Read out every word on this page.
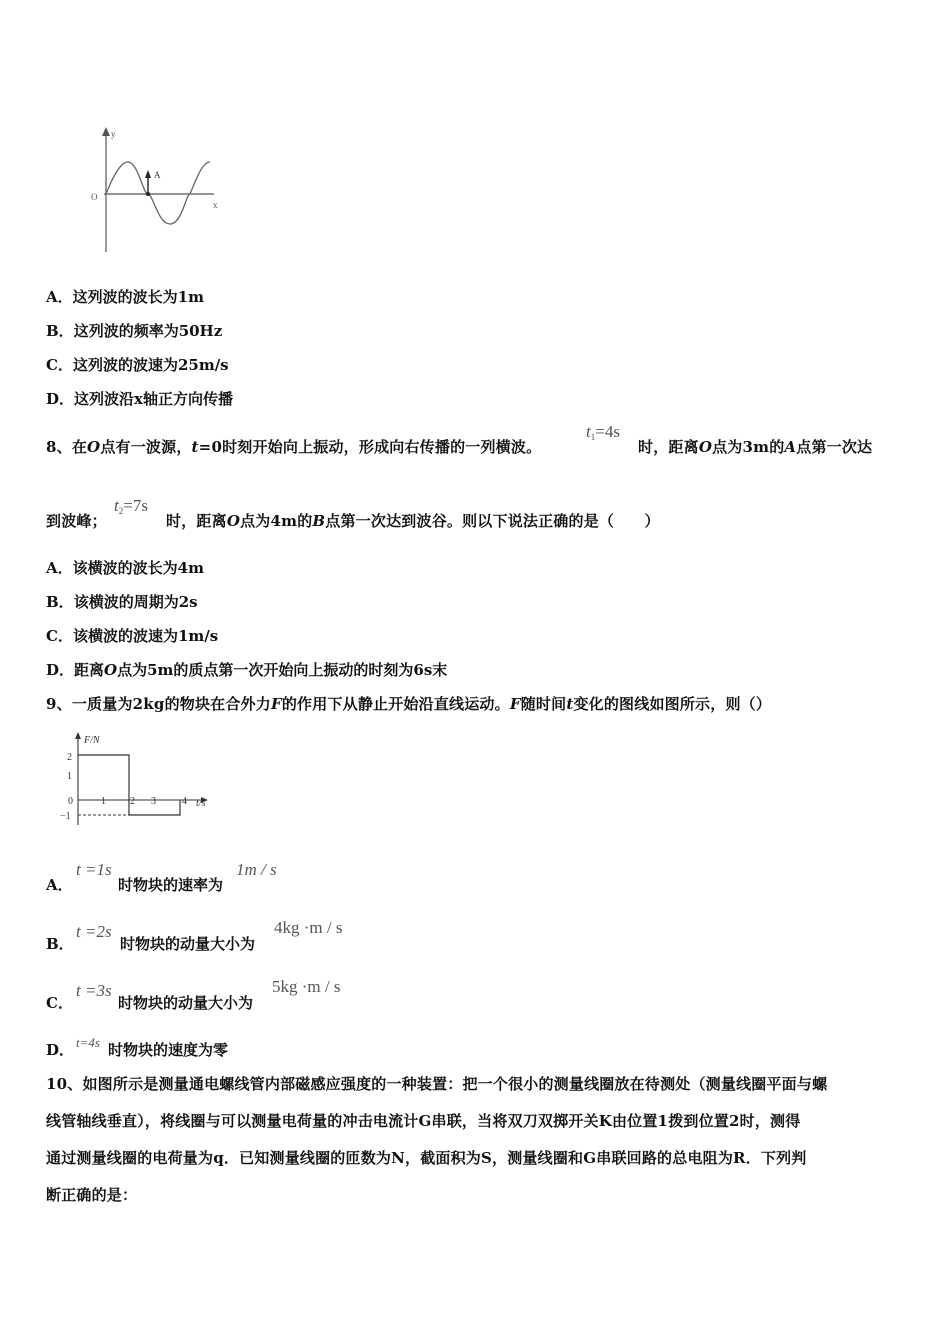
y
x
O
A
A．这列波的波长为1m
B．这列波的频率为50Hz
C．这列波的波速为25m/s
D．这列波沿x轴正方向传播
8、在O点有一波源，t=0时刻开始向上振动，形成向右传播的一列横波。
$t_1=4s$
时，距离O点为3m的A点第一次达
到波峰；
$t_2=7s$
时，距离O点为4m的B点第一次达到波谷。则以下说法正确的是（　　）
A．该横波的波长为4m
B．该横波的周期为2s
C．该横波的波速为1m/s
D．距离O点为5m的质点第一次开始向上振动的时刻为6s末
9、一质量为2kg的物块在合外力F的作用下从静止开始沿直线运动。F随时间t变化的图线如图所示，则（）
F/N
t/s
2
1
0
−1
1 2 3	4
A．
t =1s
时物块的速率为
1m / s
B．
t =2s
时物块的动量大小为
4kg ·m / s
C．
t =3s
时物块的动量大小为
5kg ·m / s
D． t=4s 时物块的速度为零
10、如图所示是测量通电螺线管内部磁感应强度的一种装置：把一个很小的测量线圈放在待测处（测量线圈平面与螺
线管轴线垂直），将线圈与可以测量电荷量的冲击电流计G串联，当将双刀双掷开关K由位置1拨到位置2时，测得
通过测量线圈的电荷量为q．已知测量线圈的匝数为N，截面积为S，测量线圈和G串联回路的总电阻为R．下列判
断正确的是：
